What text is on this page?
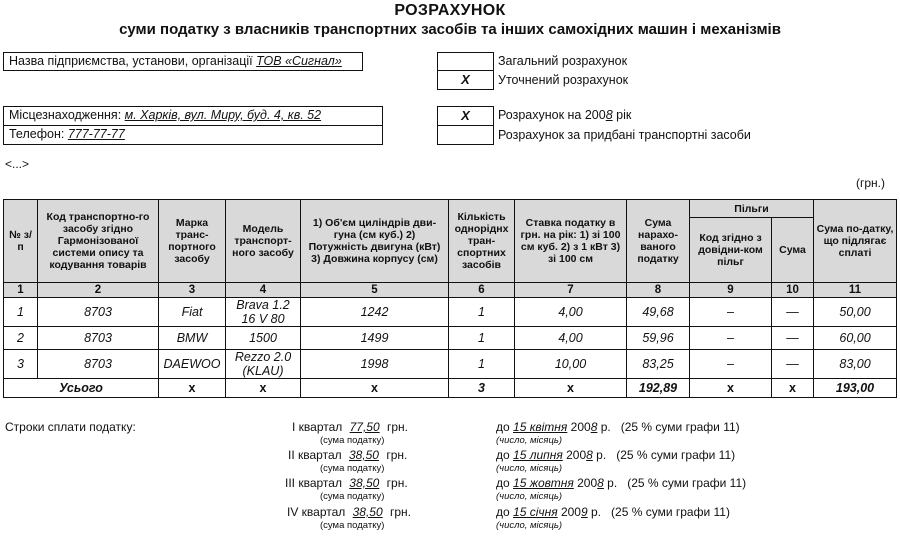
РОЗРАХУНОК
суми податку з власників транспортних засобів та інших самохідних машин і механізмів
Назва підприємства, установи, організації ТОВ «Сигнал»
Місцезнаходження: м. Харків, вул. Миру, буд. 4, кв. 52
Телефон: 777-77-77
X
Загальний розрахунок
Уточнений розрахунок
X	Розрахунок на 2008 рік
Розрахунок за придбані транспортні засоби
<...>
(грн.)
№ з/п	Код транспортно-го засобу згідно Гармонізованої системи опису та кодування товарів	Марка транс-портного засобу	Модель транспорт-ного засобу	1) Об'єм циліндрів дви-гуна (см куб.) 2) Потужність двигуна (кВт) 3) Довжина корпусу (см)	Кількість одноріднх тран-спортних засобів	Ставка податку в грн. на рік: 1) зі 100 см куб. 2) з 1 кВт 3) зі 100 см	Сума нарахо-ваного податку	Пільги		Сума по-датку, що підлягає сплаті
								Код згідно з довідни-ком пільг	Сума	
1	2	3	4	5	6	7	8	9	10	11
1	8703	Fiat	Brava 1.2 16 V 80	1242	1	4,00	49,68	–	—	50,00
2	8703	BMW	1500	1499	1	4,00	59,96	–	—	60,00
3	8703	DAEWOO	Rezzo 2.0 (KLAU)	1998	1	10,00	83,25	–	—	83,00
Усього		x	x	x	3	x	192,89	x	x	193,00
Строки сплати податку:	I квартал 77,50 грн.
(сума податку)
до 15 квітня 2008 р. (25 % суми графи 11)
(число, місяць)
II квартал 38,50 грн.
(сума податку)
до 15 липня 2008 р. (25 % суми графи 11)
(число, місяць)
III квартал 38,50 грн.
(сума податку)
до 15 жовтня 2008 р. (25 % суми графи 11)
(число, місяць)
IV квартал 38,50 грн.
(сума податку)
до 15 січня 2009 р. (25 % суми графи 11)
(число, місяць)
